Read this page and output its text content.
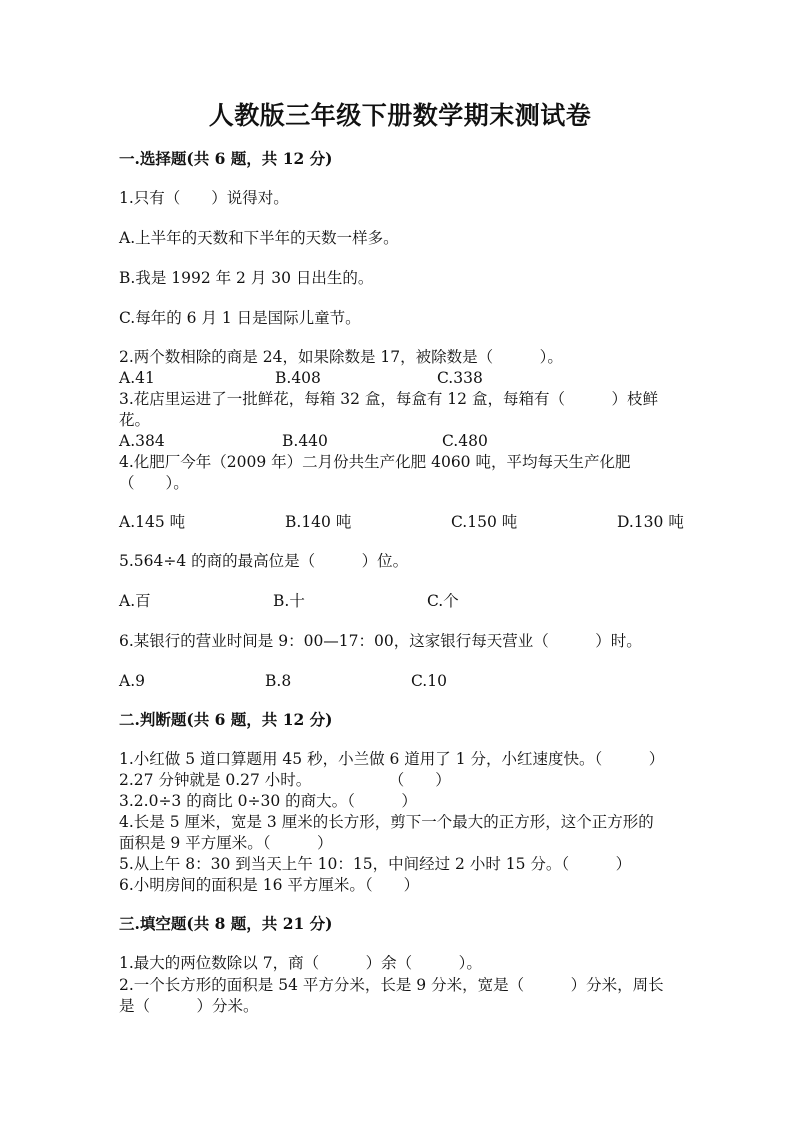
人教版三年级下册数学期末测试卷
一.选择题(共 6 题，共 12 分)
1.只有（　　）说得对。
A.上半年的天数和下半年的天数一样多。
B.我是 1992 年 2 月 30 日出生的。
C.每年的 6 月 1 日是国际儿童节。
2.两个数相除的商是 24，如果除数是 17，被除数是（　　　）。
A.41	B.408	C.338
3.花店里运进了一批鲜花，每箱 32 盒，每盒有 12 盒，每箱有（　　　）枝鲜
花。
A.384	B.440	C.480
4.化肥厂今年（2009 年）二月份共生产化肥 4060 吨，平均每天生产化肥
（　　）。
A.145 吨	B.140 吨	C.150 吨	D.130 吨
5.564÷4 的商的最高位是（　　　）位。
A.百	B.十	C.个
6.某银行的营业时间是 9：00—17：00，这家银行每天营业（　　　）时。
A.9	B.8	C.10
二.判断题(共 6 题，共 12 分)
1.小红做 5 道口算题用 45 秒，小兰做 6 道用了 1 分，小红速度快。（　　　）
2.27 分钟就是 0.27 小时。　　　　　　（　　）
3.2.0÷3 的商比 0÷30 的商大。（　　　）
4.长是 5 厘米，宽是 3 厘米的长方形，剪下一个最大的正方形，这个正方形的
面积是 9 平方厘米。（　　　）
5.从上午 8：30 到当天上午 10：15，中间经过 2 小时 15 分。（　　　）
6.小明房间的面积是 16 平方厘米。（　　）
三.填空题(共 8 题，共 21 分)
1.最大的两位数除以 7，商（　　　）余（　　　）。
2.一个长方形的面积是 54 平方分米，长是 9 分米，宽是（　　　）分米，周长
是（　　　）分米。
